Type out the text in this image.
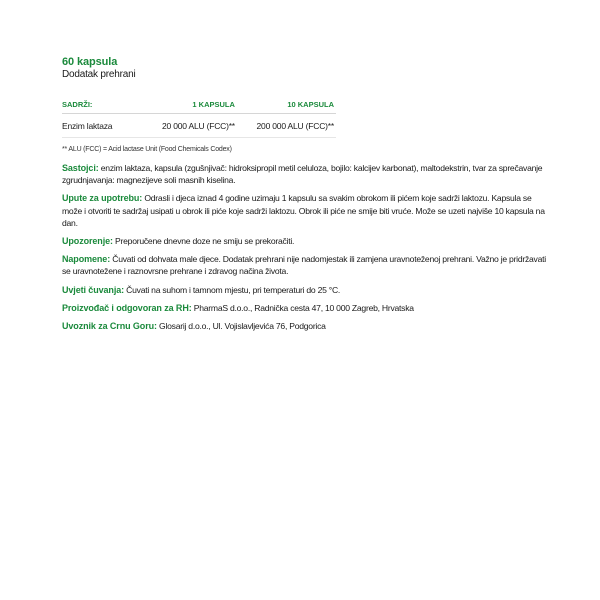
60 kapsula
Dodatak prehrani
SADRŽI:	1 KAPSULA	10 KAPSULA
Enzim laktaza	20 000 ALU (FCC)**	200 000 ALU (FCC)**
** ALU (FCC) = Acid lactase Unit (Food Chemicals Codex)
Sastojci: enzim laktaza, kapsula (zgušnjivač: hidroksipropil metil celuloza, bojilo: kalcijev karbonat), maltodekstrin, tvar za sprečavanje zgrudnjavanja: magnezijeve soli masnih kiselina.
Upute za upotrebu: Odrasli i djeca iznad 4 godine uzimaju 1 kapsulu sa svakim obrokom ili pićem koje sadrži laktozu. Kapsula se može i otvoriti te sadržaj usipati u obrok ili piće koje sadrži laktozu. Obrok ili piće ne smije biti vruće. Može se uzeti najviše 10 kapsula na dan.
Upozorenje: Preporučene dnevne doze ne smiju se prekoračiti.
Napomene: Čuvati od dohvata male djece. Dodatak prehrani nije nadomjestak ili zamjena uravnoteženoj prehrani. Važno je pridržavati se uravnotežene i raznovrsne prehrane i zdravog načina života.
Uvjeti čuvanja: Čuvati na suhom i tamnom mjestu, pri temperaturi do 25 °C.
Proizvođač i odgovoran za RH: PharmaS d.o.o., Radnička cesta 47, 10 000 Zagreb, Hrvatska
Uvoznik za Crnu Goru: Glosarij d.o.o., Ul. Vojislavljevića 76, Podgorica
